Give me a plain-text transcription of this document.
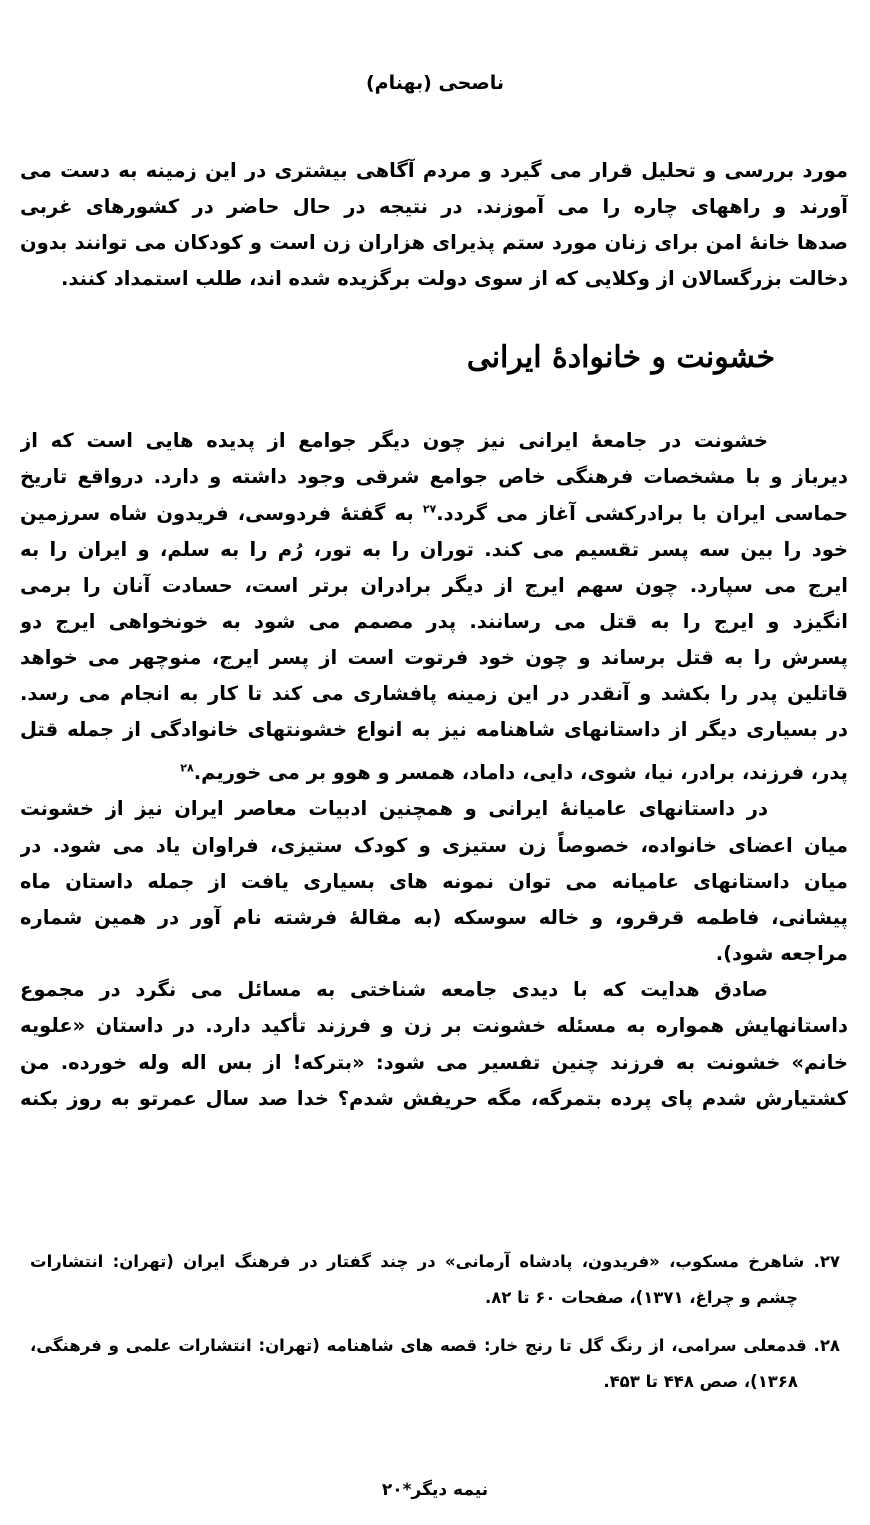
ناصحی (بهنام)
مورد بررسی و تحلیل قرار می گیرد و مردم آگاهی بیشتری در این زمینه به دست می
آورند و راههای چاره را می آموزند. در نتیجه در حال حاضر در کشورهای غربی
صدها خانهٔ امن برای زنان مورد ستم پذیرای هزاران زن است و کودکان می توانند بدون
دخالت بزرگسالان از وکلایی که از سوی دولت برگزیده شده اند، طلب استمداد کنند.
خشونت و خانوادهٔ ایرانی
خشونت در جامعهٔ ایرانی نیز چون دیگر جوامع از پدیده هایی است که از
دیرباز و با مشخصات فرهنگی خاص جوامع شرقی وجود داشته و دارد. درواقع تاریخ
حماسی ایران با برادرکشی آغاز می گردد.$^{۲۷}$ به گفتهٔ فردوسی، فریدون شاه سرزمین
خود را بین سه پسر تقسیم می کند. توران را به تور، رُم را به سلم، و ایران را به
ایرج می سپارد. چون سهم ایرج از دیگر برادران برتر است، حسادت آنان را برمی
انگیزد و ایرج را به قتل می رسانند. پدر مصمم می شود به خونخواهی ایرج دو
پسرش را به قتل برساند و چون خود فرتوت است از پسر ایرج، منوچهر می خواهد
قاتلین پدر را بکشد و آنقدر در این زمینه پافشاری می کند تا کار به انجام می رسد.
در بسیاری دیگر از داستانهای شاهنامه نیز به انواع خشونتهای خانوادگی از جمله قتل
پدر، فرزند، برادر، نیا، شوی، دایی، داماد، همسر و هوو بر می خوریم.$^{۲۸}$
در داستانهای عامیانهٔ ایرانی و همچنین ادبیات معاصر ایران نیز از خشونت
میان اعضای خانواده، خصوصاً زن ستیزی و کودک ستیزی، فراوان یاد می شود. در
میان داستانهای عامیانه می توان نمونه های بسیاری یافت از جمله داستان ماه
پیشانی، فاطمه قرقرو، و خاله سوسکه (به مقالهٔ فرشته نام آور در همین شماره
مراجعه شود).
صادق هدایت که با دیدی جامعه شناختی به مسائل می نگرد در مجموع
داستانهایش همواره به مسئله خشونت بر زن و فرزند تأکید دارد. در داستان «علویه
خانم» خشونت به فرزند چنین تفسیر می شود: «بترکه! از بس اله وله خورده. من
کشتیارش شدم پای پرده بتمرگه، مگه حریفش شدم؟ خدا صد سال عمرتو به روز بکنه
۲۷. شاهرخ مسکوب، «فریدون، پادشاه آرمانی» در چند گفتار در فرهنگ ایران (تهران: انتشارات
چشم و چراغ، ۱۳۷۱)، صفحات ۶۰ تا ۸۲.
۲۸. قدمعلی سرامی، از رنگ گل تا رنج خار: قصه های شاهنامه (تهران: انتشارات علمی و فرهنگی،
۱۳۶۸)، صص ۴۴۸ تا ۴۵۳.
نیمه دیگر*۲۰
